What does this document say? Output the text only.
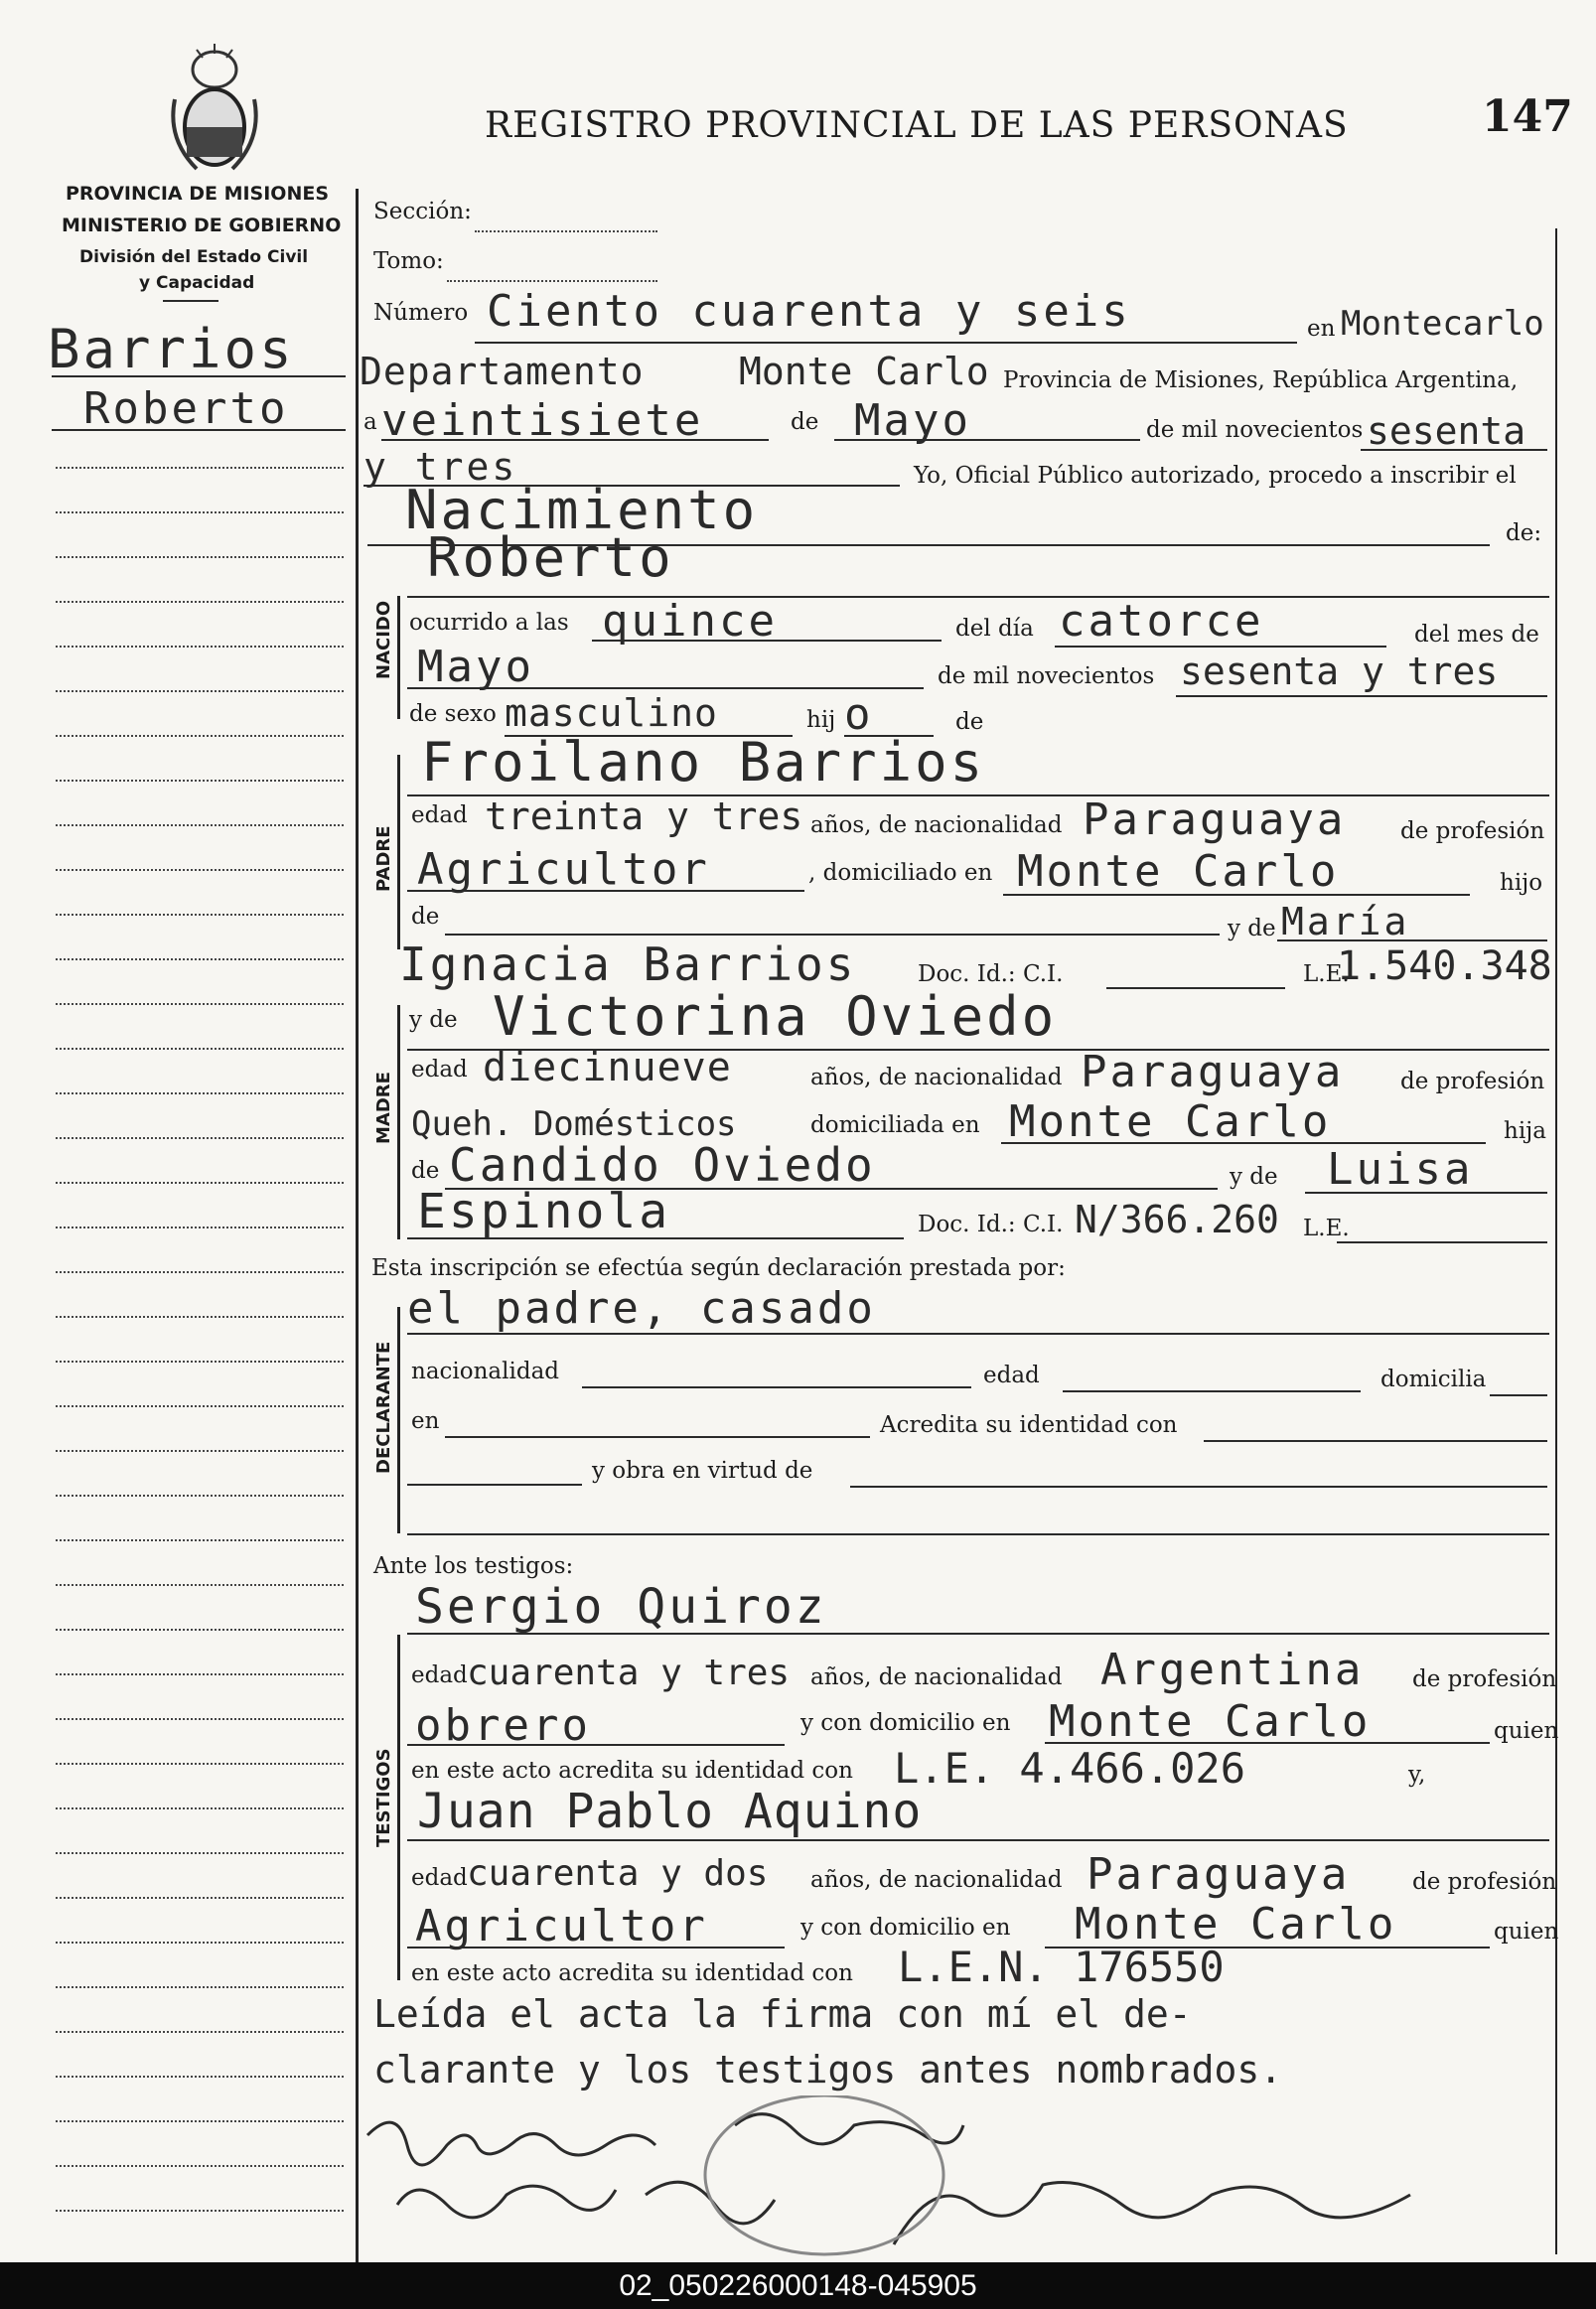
REGISTRO PROVINCIAL DE LAS PERSONAS	147
PROVINCIA DE MISIONES
MINISTERIO DE GOBIERNO
División del Estado Civil
y Capacidad
Barrios
Roberto
Sección:
Tomo:
Número Ciento cuarenta y seis	en Montecarlo
Departamento	Monte Carlo Provincia de Misiones, República Argentina,
a veintisiete	de Mayo	de mil novecientos sesenta
y tres	Yo, Oficial Público autorizado, procedo a inscribir el
Nacimiento	de:
NACIDO
Roberto
ocurrido a las quince	del día catorce	del mes de
Mayo	de mil novecientos sesenta y tres
de sexo masculino	hij o	de
PADRE
Froilano Barrios
edad treinta y tres años, de nacionalidad Paraguaya de profesión
Agricultor	, domiciliado en Monte Carlo	hijo
de	y de María
Ignacia Barrios	Doc. Id.: C.I.	L.E.
1.540.348
MADRE
y de Victorina Oviedo
edad diecinueve	años, de nacionalidad Paraguaya de profesión
Queh. Domésticos	domiciliada en Monte Carlo	hija
de Candido Oviedo	y de Luisa
Espinola	Doc. Id.: C.I. N/366.260 L.E.
Esta inscripción se efectúa según declaración prestada por:
DECLARANTE
el padre, casado
nacionalidad	edad	domicilia
en	Acredita su identidad con
y obra en virtud de
Ante los testigos:
TESTIGOS
Sergio Quiroz
edad cuarenta y tres años, de nacionalidad Argentina de profesión
obrero	y con domicilio en Monte Carlo	quien
en este acto acredita su identidad con L.E. 4.466.026	y,
Juan Pablo Aquino
edad cuarenta y dos años, de nacionalidad Paraguaya	de profesión
Agricultor	y con domicilio en Monte Carlo	quien
en este acto acredita su identidad con L.E.N. 176550
Leída el acta la firma con mí el de-
clarante y los testigos antes nombrados.
02_050226000148-045905
